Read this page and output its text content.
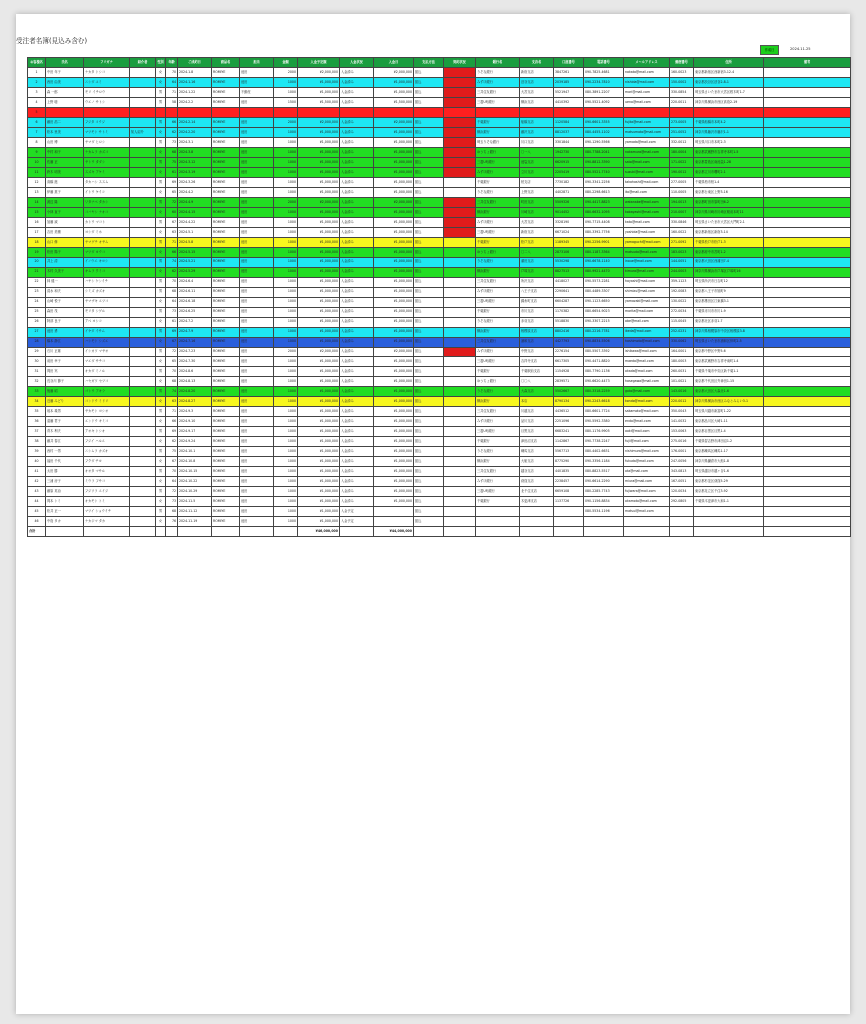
受注者名簿(見込み含む)
作成日	2024.11.25
お客様名	氏名	フリガナ	紹介者	性別	年齢	ご成約日	商品名	担当	金額	入金予定額	入金状況	入金日	支払方法	契約状況	銀行名	支店名	口座番号	電話番号	メールアドレス	郵便番号	住所	備考
1	中田 年子	ナカタ トシコ		女	70	2024.1.8	ROMIYE	池田	2000	¥2,000,000	入金済み	¥2,000,000	振込		りそな銀行	新宿支店	3847261	090-7825-4681	nakata@mail.com	160-0023	東京都新宿区西新宿3-12-4	
2	西田 由美	ニシダ ユミ		女	64	2024.1.16	ROMIYE	池田	1000	¥1,000,000	入金済み	¥1,000,000	振込		みずほ銀行	渋谷支店	2039185	090-2234-7810	nishida@mail.com	150-0002	東京都渋谷区渋谷2-8-1	
3	森 一郎	モリ イチロウ		男	71	2024.1.22	ROMIYE	不動産	1000	¥1,000,000	入金済み	¥1,000,000	振込		三井住友銀行	大宮支店	5521947	080-3891-2207	mori@mail.com	330-0854	埼玉県さいたま市大宮区桜木町1-7	
4	上野 聡	ウエノ サトシ		男	58	2024.2.2	ROMIYE	池田	1500	¥1,500,000	入金済み	¥1,500,000	振込		三菱UFJ銀行	横浜支店	4410392	090-5521-4092	ueno@mail.com	220-0011	神奈川県横浜市西区高島2-19	
5																						
6	藤田 浩二	フジタ コウジ		男	66	2024.2.14	ROMIYE	池田	2000	¥2,000,000	入金済み	¥2,000,000	振込		千葉銀行	船橋支店	1120584	090-6601-3355	fujita@mail.com	273-0005	千葉県船橋市本町4-2	
7	松本 里美	マツモト サトミ	知人紹介	女	62	2024.2.20	ROMIYE	池田	1000	¥1,000,000	入金済み	¥1,000,000	振込		横浜銀行	藤沢支店	8812037	080-4455-1102	matsumoto@mail.com	251-0052	神奈川県藤沢市藤沢1-1	
8	山田 博	ヤマダ ヒロシ		男	73	2024.3.1	ROMIYE	池田	1000	¥1,000,000	入金済み	¥1,000,000	振込		埼玉りそな銀行	川口支店	3301844	090-1290-5566	yamada@mail.com	332-0012	埼玉県川口市本町2-3	
9	中村 和子	ナカムラ カズコ		女	68	2024.3.8	ROMIYE	池田	1000	¥1,000,000	入金済み	¥1,000,000	振込		ゆうちょ銀行	〇一八	1942730	080-7788-2041	nakamura@mail.com	180-0004	東京都武蔵野市吉祥寺本町1-5	
10	佐藤 正	サトウ タダシ		男	75	2024.3.12	ROMIYE	池田	1000	¥1,000,000	入金済み	¥1,000,000	振込		三菱UFJ銀行	池袋支店	6620915	090-8812-3390	sato@mail.com	171-0022	東京都豊島区南池袋1-28	
11	鈴木 明美	スズキ アケミ		女	61	2024.3.19	ROMIYE	池田	1000	¥1,000,000	入金済み	¥1,000,000	振込		みずほ銀行	立川支店	2205419	080-5521-7740	suzuki@mail.com	190-0012	東京都立川市曙町2-1	
12	高橋 進	タカハシ ススム		男	69	2024.3.26	ROMIYE	池田	1000	¥1,000,000	入金済み	¥1,000,000	振込		千葉銀行	柏支店	7730182	090-3341-2256	takahashi@mail.com	277-0005	千葉県柏市柏1-4	
13	伊藤 恵子	イトウ ケイコ		女	65	2024.4.2	ROMIYE	池田	1000	¥1,000,000	入金済み	¥1,000,000	振込		りそな銀行	上野支店	4402871	080-2298-6613	ito@mail.com	110-0005	東京都台東区上野3-16	
14	渡辺 隆	ワタナベ タカシ		男	72	2024.4.9	ROMIYE	池田	2000	¥2,000,000	入金済み	¥2,000,000	振込		三井住友銀行	町田支店	5509326	090-4417-8823	watanabe@mail.com	194-0013	東京都町田市原町田6-2	
15	小林 直子	コバヤシ ナオコ		女	60	2024.4.15	ROMIYE	池田	1000	¥1,000,000	入金済み	¥1,000,000	振込		横浜銀行	川崎支店	9014452	080-6632-1095	kobayashi@mail.com	210-0007	神奈川県川崎市川崎区駅前本町11	
16	加藤 誠	カトウ マコト		男	67	2024.4.22	ROMIYE	池田	1000	¥1,000,000	入金済み	¥1,000,000	振込		みずほ銀行	大宮支店	3328190	090-7715-4408	kato@mail.com	330-0846	埼玉県さいたま市大宮区大門町2-1	
17	吉田 美穂	ヨシダ ミホ		女	63	2024.5.1	ROMIYE	池田	1000	¥1,000,000	入金済み	¥1,000,000	振込		三菱UFJ銀行	新宿支店	6671024	080-3392-7756	yoshida@mail.com	160-0022	東京都新宿区新宿3-14	
18	山口 修	ヤマグチ オサム		男	71	2024.5.8	ROMIYE	池田	1000	¥1,000,000	入金済み	¥1,000,000	振込		千葉銀行	松戸支店	1189345	090-2256-9901	yamaguchi@mail.com	271-0092	千葉県松戸市松戸1-3	
19	松田 陽子	マツダ ヨウコ		女	66	2024.5.15	ROMIYE	池田	1000	¥1,000,000	入金済み	¥1,000,000	振込		ゆうちょ銀行	〇二八	2873106	080-1187-3364	matsuda@mail.com	183-0023	東京都府中市宮町1-2	
20	井上 清	イノウエ キヨシ		男	74	2024.5.21	ROMIYE	池田	1000	¥1,000,000	入金済み	¥1,000,000	振込		りそな銀行	蒲田支店	5530298	090-6678-1140	inoue@mail.com	144-0051	東京都大田区西蒲田7-4	
21	木村 久美子	キムラ クミコ		女	62	2024.5.29	ROMIYE	池田	1000	¥1,000,000	入金済み	¥1,000,000	振込		横浜銀行	戸塚支店	8827513	080-9921-4470	kimura@mail.com	244-0003	神奈川県横浜市戸塚区戸塚町16	
22	林 健一	ハヤシ ケンイチ		男	70	2024.6.4	ROMIYE	池田	1000	¥1,000,000	入金済み	¥1,000,000	振込		三井住友銀行	所沢支店	4418027	090-5573-2281	hayashi@mail.com	359-1123	埼玉県所沢市日吉町12	
23	清水 和夫	シミズ カズオ		男	68	2024.6.11	ROMIYE	池田	1000	¥1,000,000	入金済み	¥1,000,000	振込		みずほ銀行	八王子支店	2290641	080-4489-3307	shimizu@mail.com	192-0083	東京都八王子市旭町9	
24	山崎 悦子	ヤマザキ エツコ		女	64	2024.6.18	ROMIYE	池田	1000	¥1,000,000	入金済み	¥1,000,000	振込		三菱UFJ銀行	錦糸町支店	6604287	090-1123-6650	yamazaki@mail.com	130-0022	東京都墨田区江東橋3-1	
25	森田 茂	モリタ シゲル		男	73	2024.6.25	ROMIYE	池田	1000	¥1,000,000	入金済み	¥1,000,000	振込		千葉銀行	市川支店	1170382	080-6654-9023	morita@mail.com	272-0034	千葉県市川市市川1-9	
26	阿部 良子	アベ ヨシコ		女	61	2024.7.2	ROMIYE	池田	1000	¥1,000,000	入金済み	¥1,000,000	振込		りそな銀行	赤羽支店	5518830	090-3307-2215	abe@mail.com	115-0045	東京都北区赤羽1-7	
27	池田 勇	イケダ イサム		男	69	2024.7.9	ROMIYE	池田	1000	¥1,000,000	入金済み	¥1,000,000	振込		横浜銀行	相模原支店	8802416	080-2216-7781	ikeda@mail.com	252-0231	神奈川県相模原市中央区相模原3-8	
28	橋本 静江	ハシモト シズエ		女	67	2024.7.16	ROMIYE	池田	1000	¥1,000,000	入金済み	¥1,000,000	振込		三井住友銀行	浦和支店	4427793	090-8834-5506	hashimoto@mail.com	330-0062	埼玉県さいたま市浦和区仲町2-5	
29	石川 正雄	イシカワ マサオ		男	72	2024.7.23	ROMIYE	池田	2000	¥2,000,000	入金済み	¥2,000,000	振込		みずほ銀行	中野支店	2276154	080-5507-3392	ishikawa@mail.com	164-0001	東京都中野区中野5-6	
30	前田 幸子	マエダ サチコ		女	65	2024.7.30	ROMIYE	池田	1000	¥1,000,000	入金済み	¥1,000,000	振込		三菱UFJ銀行	吉祥寺支店	6617305	090-4471-8820	maeda@mail.com	180-0003	東京都武蔵野市吉祥寺南町1-4	
31	岡田 実	オカダ ミノル		男	70	2024.8.6	ROMIYE	池田	1000	¥1,000,000	入金済み	¥1,000,000	振込		千葉銀行	千葉駅前支店	1154928	080-7790-1136	okada@mail.com	260-0031	千葉県千葉市中央区新千葉1-1	
32	長谷川 節子	ハセガワ セツコ		女	68	2024.8.13	ROMIYE	池田	1000	¥1,000,000	入金済み	¥1,000,000	振込		ゆうちょ銀行	〇〇八	2839571	090-6620-4473	hasegawa@mail.com	101-0021	東京都千代田区外神田1-15	
33	後藤 昭	ゴトウ アキラ		男	74	2024.8.20	ROMIYE	池田	1000	¥1,000,000	入金済み	¥1,000,000	振込		りそな銀行	大森支店	5502667	080-3318-2259	goto@mail.com	143-0016	東京都大田区大森北1-6	
34	近藤 みどり	コンドウ ミドリ		女	63	2024.8.27	ROMIYE	池田	1000	¥1,000,000	入金済み	¥1,000,000	振込		横浜銀行	本店	8790134	090-2243-6618	kondo@mail.com	220-0012	神奈川県横浜市西区みなとみらい3-1	
35	坂本 義男	サカモト ヨシオ		男	71	2024.9.3	ROMIYE	池田	1000	¥1,000,000	入金済み	¥1,000,000	振込		三井住友銀行	川越支店	4436512	080-6601-7724	sakamoto@mail.com	350-0043	埼玉県川越市新富町1-22	
36	遠藤 君子	エンドウ キミコ		女	66	2024.9.10	ROMIYE	池田	1000	¥1,000,000	入金済み	¥1,000,000	振込		みずほ銀行	品川支店	2251096	090-5592-3380	endo@mail.com	141-0032	東京都品川区大崎1-11	
37	青木 利夫	アオキ トシオ		男	69	2024.9.17	ROMIYE	池田	1000	¥1,000,000	入金済み	¥1,000,000	振込		三菱UFJ銀行	目黒支店	6683241	080-1176-9905	aoki@mail.com	153-0063	東京都目黒区目黒1-4	
38	藤井 春江	フジイ ハルエ		女	62	2024.9.24	ROMIYE	池田	1000	¥1,000,000	入金済み	¥1,000,000	振込		千葉銀行	津田沼支店	1142867	090-7738-2247	fujii@mail.com	275-0016	千葉県習志野市津田沼1-2	
39	西村 一男	ニシムラ カズオ		男	75	2024.10.1	ROMIYE	池田	1000	¥1,000,000	入金済み	¥1,000,000	振込		りそな銀行	練馬支店	5567713	080-4402-6631	nishimura@mail.com	176-0001	東京都練馬区練馬1-17	
40	福田 千代	フクダ チヨ		女	67	2024.10.8	ROMIYE	池田	1000	¥1,000,000	入金済み	¥1,000,000	振込		横浜銀行	大船支店	8775290	090-3356-1184	fukuda@mail.com	247-0056	神奈川県鎌倉市大船1-8	
41	太田 勝	オオタ マサル		男	70	2024.10.15	ROMIYE	池田	1000	¥1,000,000	入金済み	¥1,000,000	振込		三井住友銀行	越谷支店	4401835	080-8823-5517	ota@mail.com	343-0813	埼玉県越谷市越ヶ谷1-6	
42	三浦 房子	ミウラ フサコ		女	64	2024.10.22	ROMIYE	池田	1000	¥1,000,000	入金済み	¥1,000,000	振込		みずほ銀行	荻窪支店	2238457	090-6614-2290	miura@mail.com	167-0051	東京都杉並区荻窪5-29	
43	藤原 英治	フジワラ エイジ		男	72	2024.10.29	ROMIYE	池田	1000	¥1,000,000	入金済み	¥1,000,000	振込		三菱UFJ銀行	北千住支店	6659108	080-2285-7743	fujiwara@mail.com	120-0034	東京都足立区千住3-92	
44	岡本 トミ	オカモト トミ		女	73	2024.11.5	ROMIYE	池田	1000	¥1,000,000	入金済み	¥1,000,000	振込		千葉銀行	木更津支店	1137726	090-1156-8834	okamoto@mail.com	292-0805	千葉県木更津市大和1-1	
45	松井 正一	マツイ ショウイチ		男	68	2024.11.12	ROMIYE	池田	1000	¥1,000,000	入金予定		振込					080-5534-1196	matsui@mail.com			
46	中島 タカ	ナカジマ タカ		女	76	2024.11.19	ROMIYE	池田	1000	¥1,000,000	入金予定		振込									
合計										¥46,000,000		¥44,000,000										
